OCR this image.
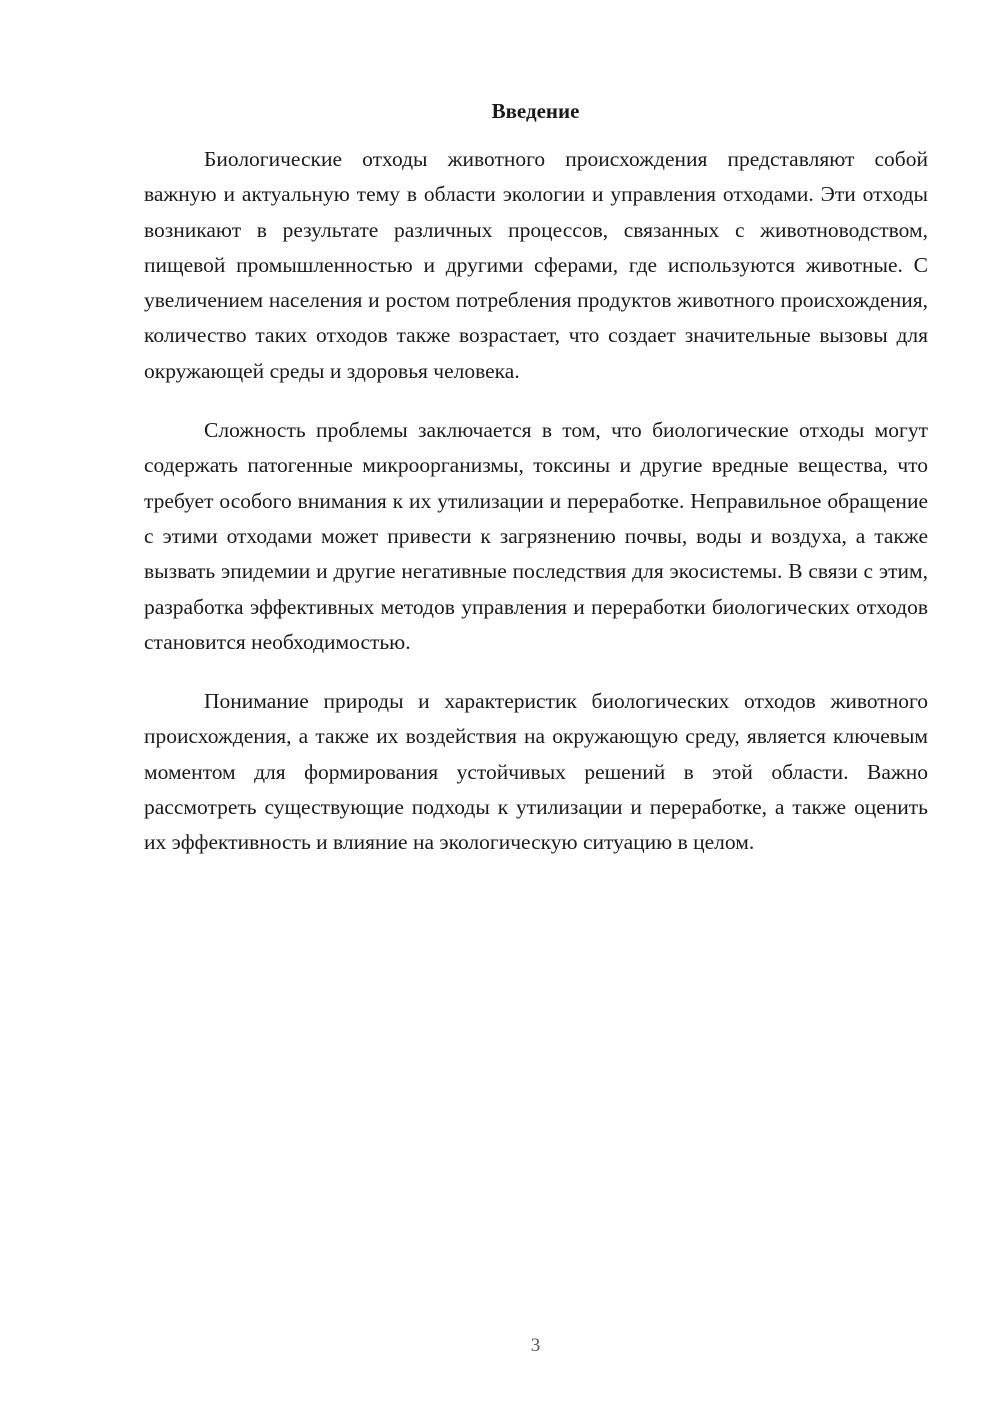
Введение

Биологические отходы животного происхождения представляют собой важную и актуальную тему в области экологии и управления отходами. Эти отходы возникают в результате различных процессов, связанных с животноводством, пищевой промышленностью и другими сферами, где используются животные. С увеличением населения и ростом потребления продуктов животного происхождения, количество таких отходов также возрастает, что создает значительные вызовы для окружающей среды и здоровья человека.

Сложность проблемы заключается в том, что биологические отходы могут содержать патогенные микроорганизмы, токсины и другие вредные вещества, что требует особого внимания к их утилизации и переработке. Неправильное обращение с этими отходами может привести к загрязнению почвы, воды и воздуха, а также вызвать эпидемии и другие негативные последствия для экосистемы. В связи с этим, разработка эффективных методов управления и переработки биологических отходов становится необходимостью.

Понимание природы и характеристик биологических отходов животного происхождения, а также их воздействия на окружающую среду, является ключевым моментом для формирования устойчивых решений в этой области. Важно рассмотреть существующие подходы к утилизации и переработке, а также оценить их эффективность и влияние на экологическую ситуацию в целом.

3
